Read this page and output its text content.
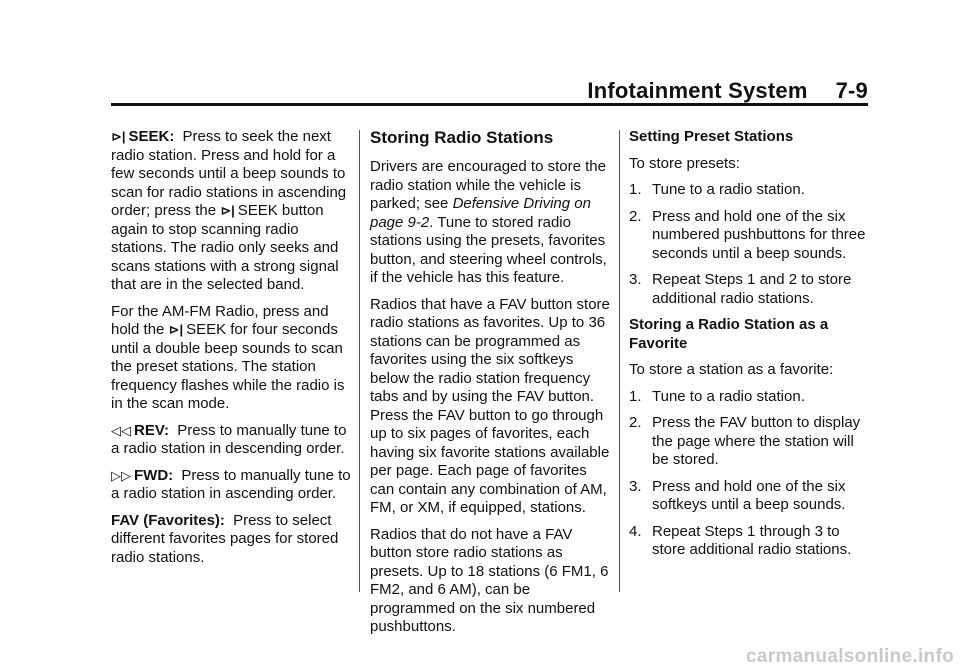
Infotainment System 7-9

⊳| SEEK: Press to seek the next radio station. Press and hold for a few seconds until a beep sounds to scan for radio stations in ascending order; press the ⊳| SEEK button again to stop scanning radio stations. The radio only seeks and scans stations with a strong signal that are in the selected band.

For the AM-FM Radio, press and hold the ⊳| SEEK for four seconds until a double beep sounds to scan the preset stations. The station frequency flashes while the radio is in the scan mode.

◁◁ REV: Press to manually tune to a radio station in descending order.

▷▷ FWD: Press to manually tune to a radio station in ascending order.

FAV (Favorites): Press to select different favorites pages for stored radio stations.

Storing Radio Stations

Drivers are encouraged to store the radio station while the vehicle is parked; see Defensive Driving on page 9-2. Tune to stored radio stations using the presets, favorites button, and steering wheel controls, if the vehicle has this feature.

Radios that have a FAV button store radio stations as favorites. Up to 36 stations can be programmed as favorites using the six softkeys below the radio station frequency tabs and by using the FAV button. Press the FAV button to go through up to six pages of favorites, each having six favorite stations available per page. Each page of favorites can contain any combination of AM, FM, or XM, if equipped, stations.

Radios that do not have a FAV button store radio stations as presets. Up to 18 stations (6 FM1, 6 FM2, and 6 AM), can be programmed on the six numbered pushbuttons.

Setting Preset Stations

To store presets:

1. Tune to a radio station.

2. Press and hold one of the six numbered pushbuttons for three seconds until a beep sounds.

3. Repeat Steps 1 and 2 to store additional radio stations.

Storing a Radio Station as a Favorite

To store a station as a favorite:

1. Tune to a radio station.

2. Press the FAV button to display the page where the station will be stored.

3. Press and hold one of the six softkeys until a beep sounds.

4. Repeat Steps 1 through 3 to store additional radio stations.

carmanualsonline.info
